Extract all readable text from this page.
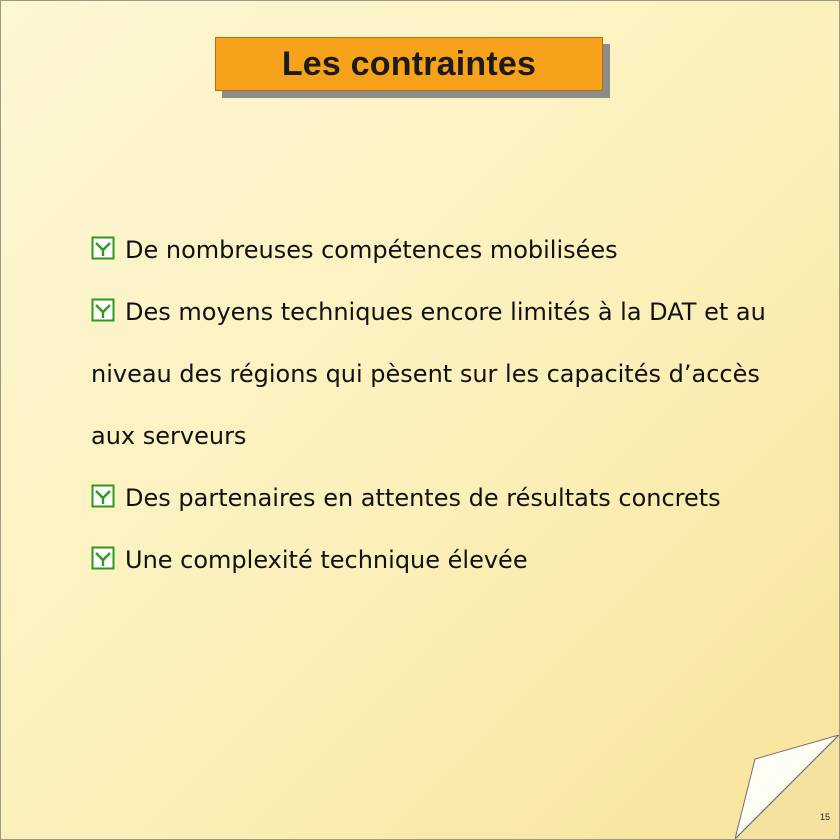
Les contraintes
De nombreuses compétences mobilisées
Des moyens techniques encore limités à la DAT et au niveau des régions qui pèsent sur les capacités d’accès aux serveurs
Des partenaires en attentes de résultats concrets
Une complexité technique élevée
15
